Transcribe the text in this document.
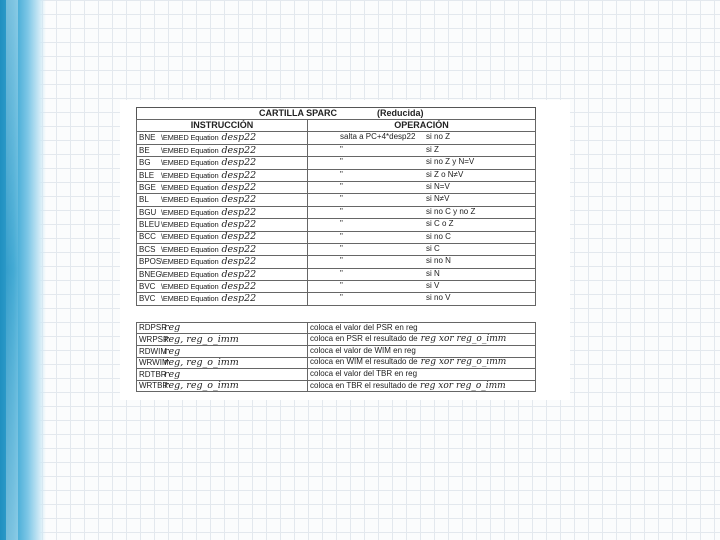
CARTILLA SPARC	(Reducida)
INSTRUCCIÓN	OPERACIÓN
BNE \EMBED Equation desp22	salta a PC+4*desp22 si no Z

BE \EMBED Equation desp22	" si Z

BG \EMBED Equation desp22	" si no Z y N=V

BLE \EMBED Equation desp22	" si Z o N≠V

BGE \EMBED Equation desp22	" si N=V

BL \EMBED Equation desp22	" si N≠V

BGU \EMBED Equation desp22	" si no C y no Z

BLEU\EMBED Equation desp22	" si C o Z

BCC \EMBED Equation desp22	" si no C

BCS \EMBED Equation desp22	" si C

BPOS\EMBED Equation desp22	" si no N

BNEG\EMBED Equation desp22	" si N

BVC \EMBED Equation desp22	" si V

BVC \EMBED Equation desp22	" si no V
RDPSRreg	coloca el valor del PSR en reg
WRPSRreg, reg_o_imm	coloca en PSR el resultado de reg xor reg_o_imm
RDWIMreg	coloca el valor de WIM en reg
WRWIMreg, reg_o_imm	coloca en WIM el resultado de reg xor reg_o_imm
RDTBRreg	coloca el valor del TBR en reg
WRTBRreg, reg_o_imm	coloca en TBR el resultado de reg xor reg_o_imm
